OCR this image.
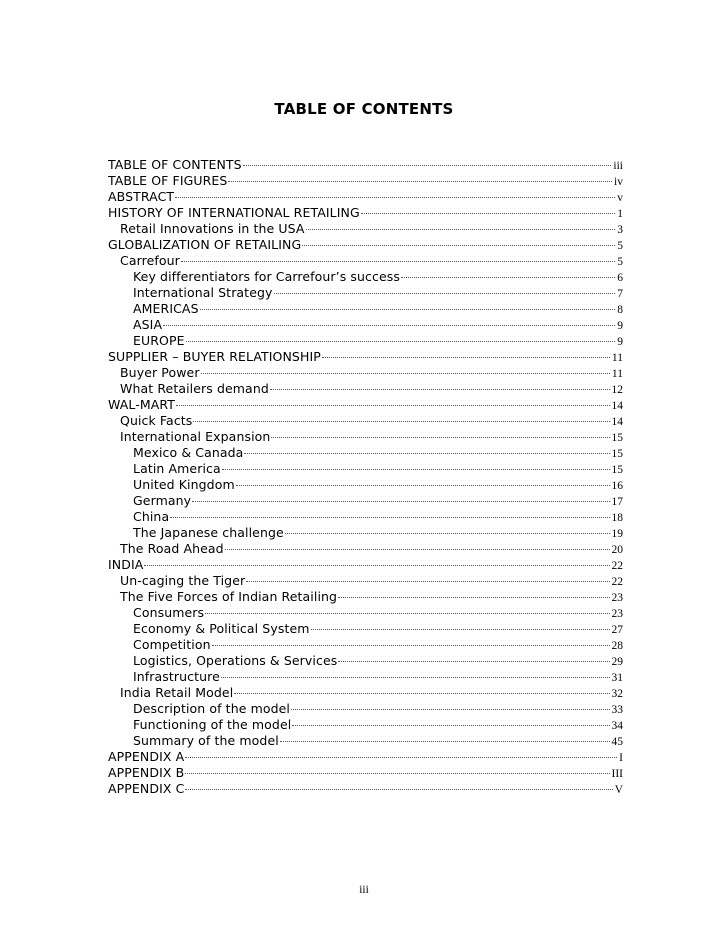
TABLE OF CONTENTS
TABLE OF CONTENTS	iii
TABLE OF FIGURES	iv
ABSTRACT	v
HISTORY OF INTERNATIONAL RETAILING	1
Retail Innovations in the USA	3
GLOBALIZATION OF RETAILING	5
Carrefour	5
Key differentiators for Carrefour’s success	6
International Strategy	7
AMERICAS	8
ASIA	9
EUROPE	9
SUPPLIER – BUYER RELATIONSHIP	11
Buyer Power	11
What Retailers demand	12
WAL-MART	14
Quick Facts	14
International Expansion	15
Mexico & Canada	15
Latin America	15
United Kingdom	16
Germany	17
China	18
The Japanese challenge	19
The Road Ahead	20
INDIA	22
Un-caging the Tiger	22
The Five Forces of Indian Retailing	23
Consumers	23
Economy & Political System	27
Competition	28
Logistics, Operations & Services	29
Infrastructure	31
India Retail Model	32
Description of the model	33
Functioning of the model	34
Summary of the model	45
APPENDIX A	I
APPENDIX B	III
APPENDIX C	V
iii
